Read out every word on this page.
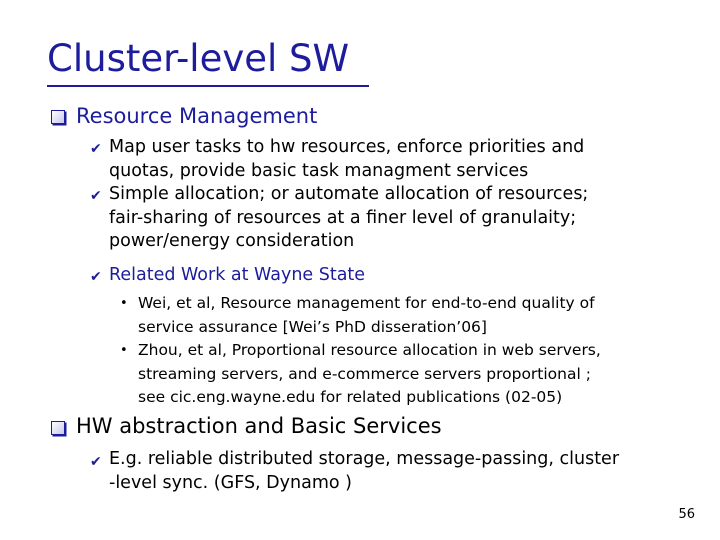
Cluster-level SW
Resource Management
✔ Map user tasks to hw resources, enforce priorities and
quotas, provide basic task managment services
✔ Simple allocation; or automate allocation of resources;
fair-sharing of resources at a finer level of granulaity;
power/energy consideration
✔ Related Work at Wayne State
• Wei, et al, Resource management for end-to-end quality of
service assurance [Wei’s PhD disseration’06]
• Zhou, et al, Proportional resource allocation in web servers,
streaming servers, and e-commerce servers proportional ;
see cic.eng.wayne.edu for related publications (02-05)
HW abstraction and Basic Services
✔ E.g. reliable distributed storage, message-passing, cluster
-level sync. (GFS, Dynamo )
56
